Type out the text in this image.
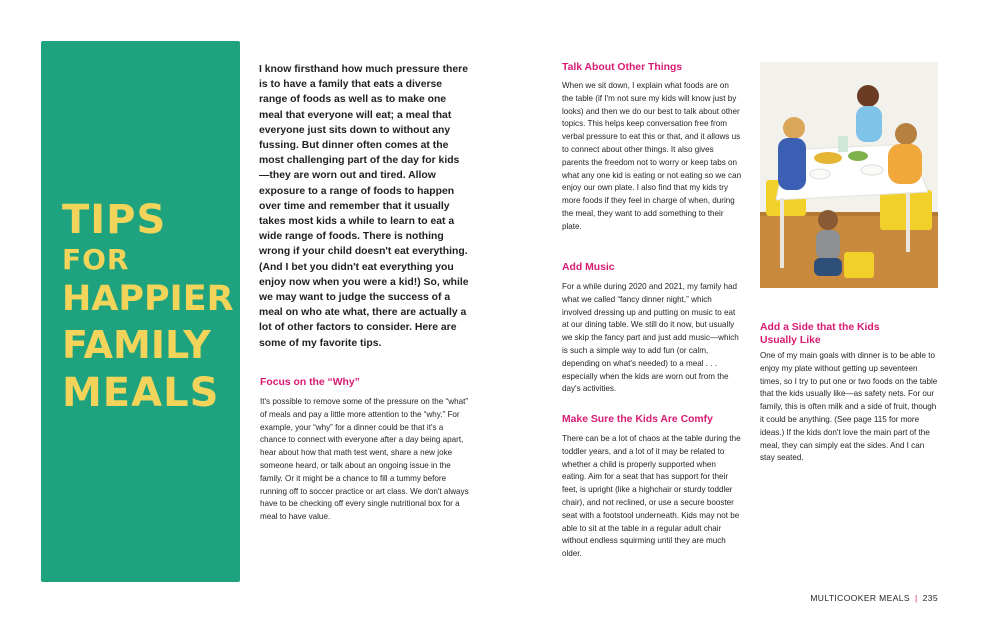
TIPS
FOR
HAPPIER
FAMILY
MEALS

I know firsthand how much pressure there is to have a family that eats a diverse range of foods as well as to make one meal that everyone will eat; a meal that everyone just sits down to without any fussing. But dinner often comes at the most challenging part of the day for kids—they are worn out and tired. Allow exposure to a range of foods to happen over time and remember that it usually takes most kids a while to learn to eat a wide range of foods. There is nothing wrong if your child doesn't eat everything. (And I bet you didn't eat everything you enjoy now when you were a kid!) So, while we may want to judge the success of a meal on who ate what, there are actually a lot of other factors to consider. Here are some of my favorite tips.

Focus on the “Why”

It's possible to remove some of the pressure on the “what” of meals and pay a little more attention to the “why.” For example, your “why” for a dinner could be that it's a chance to connect with everyone after a day being apart, hear about how that math test went, share a new joke someone heard, or talk about an ongoing issue in the family. Or it might be a chance to fill a tummy before running off to soccer practice or art class. We don't always have to be checking off every single nutritional box for a meal to have value.

Talk About Other Things

When we sit down, I explain what foods are on the table (if I'm not sure my kids will know just by looks) and then we do our best to talk about other topics. This helps keep conversation free from verbal pressure to eat this or that, and it allows us to connect about other things. It also gives parents the freedom not to worry or keep tabs on what any one kid is eating or not eating so we can enjoy our own plate. I also find that my kids try more foods if they feel in charge of when, during the meal, they want to add something to their plate.

Add Music

For a while during 2020 and 2021, my family had what we called “fancy dinner night,” which involved dressing up and putting on music to eat at our dining table. We still do it now, but usually we skip the fancy part and just add music—which is such a simple way to add fun (or calm, depending on what's needed) to a meal . . . especially when the kids are worn out from the day's activities.

Make Sure the Kids Are Comfy

There can be a lot of chaos at the table during the toddler years, and a lot of it may be related to whether a child is properly supported when eating. Aim for a seat that has support for their feet, is upright (like a highchair or sturdy toddler chair), and not reclined, or use a secure booster seat with a footstool underneath. Kids may not be able to sit at the table in a regular adult chair without endless squirming until they are much older.

Add a Side that the Kids Usually Like

One of my main goals with dinner is to be able to enjoy my plate without getting up seventeen times, so I try to put one or two foods on the table that the kids usually like—as safety nets. For our family, this is often milk and a side of fruit, though it could be anything. (See page 115 for more ideas.) If the kids don't love the main part of the meal, they can simply eat the sides. And I can stay seated.

MULTICOOKER MEALS | 235
